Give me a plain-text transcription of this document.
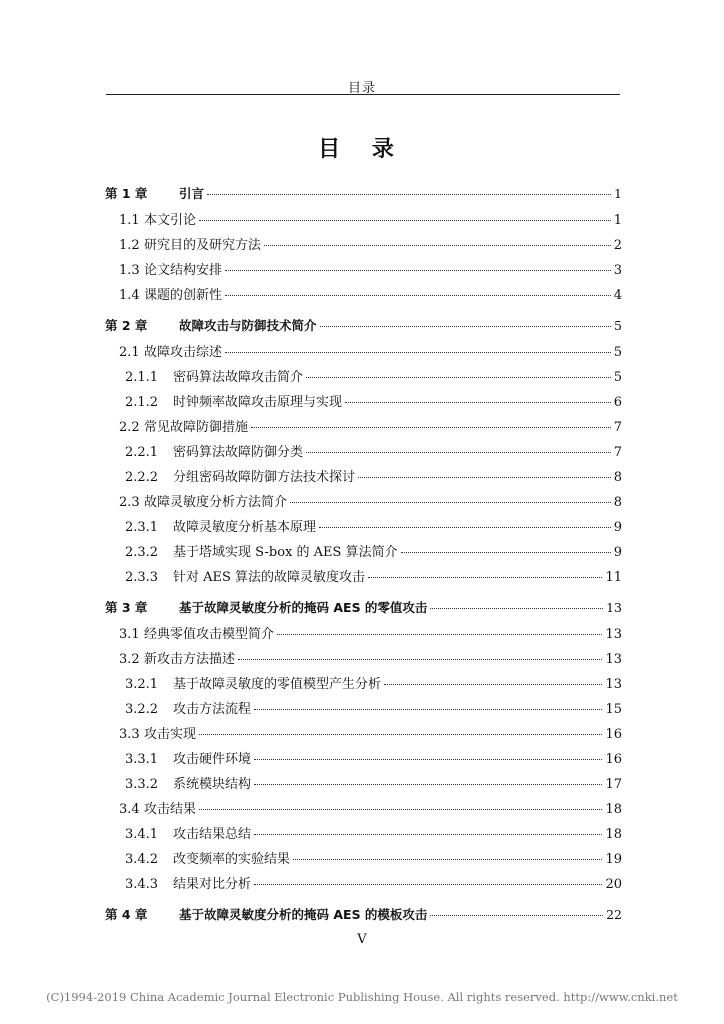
目录
目 录
第 1 章	引言	1
1.1 本文引论	1
1.2 研究目的及研究方法	2
1.3 论文结构安排	3
1.4 课题的创新性	4
第 2 章	故障攻击与防御技术简介	5
2.1 故障攻击综述	5
2.1.1	密码算法故障攻击简介	5
2.1.2	时钟频率故障攻击原理与实现	6
2.2 常见故障防御措施	7
2.2.1	密码算法故障防御分类	7
2.2.2	分组密码故障防御方法技术探讨	8
2.3 故障灵敏度分析方法简介	8
2.3.1	故障灵敏度分析基本原理	9
2.3.2	基于塔域实现 S-box 的 AES 算法简介	9
2.3.3	针对 AES 算法的故障灵敏度攻击	11
第 3 章	基于故障灵敏度分析的掩码 AES 的零值攻击	13
3.1 经典零值攻击模型简介	13
3.2 新攻击方法描述	13
3.2.1	基于故障灵敏度的零值模型产生分析	13
3.2.2	攻击方法流程	15
3.3 攻击实现	16
3.3.1	攻击硬件环境	16
3.3.2	系统模块结构	17
3.4 攻击结果	18
3.4.1	攻击结果总结	18
3.4.2	改变频率的实验结果	19
3.4.3	结果对比分析	20
第 4 章	基于故障灵敏度分析的掩码 AES 的模板攻击	22
V
(C)1994-2019 China Academic Journal Electronic Publishing House. All rights reserved. http://www.cnki.net
